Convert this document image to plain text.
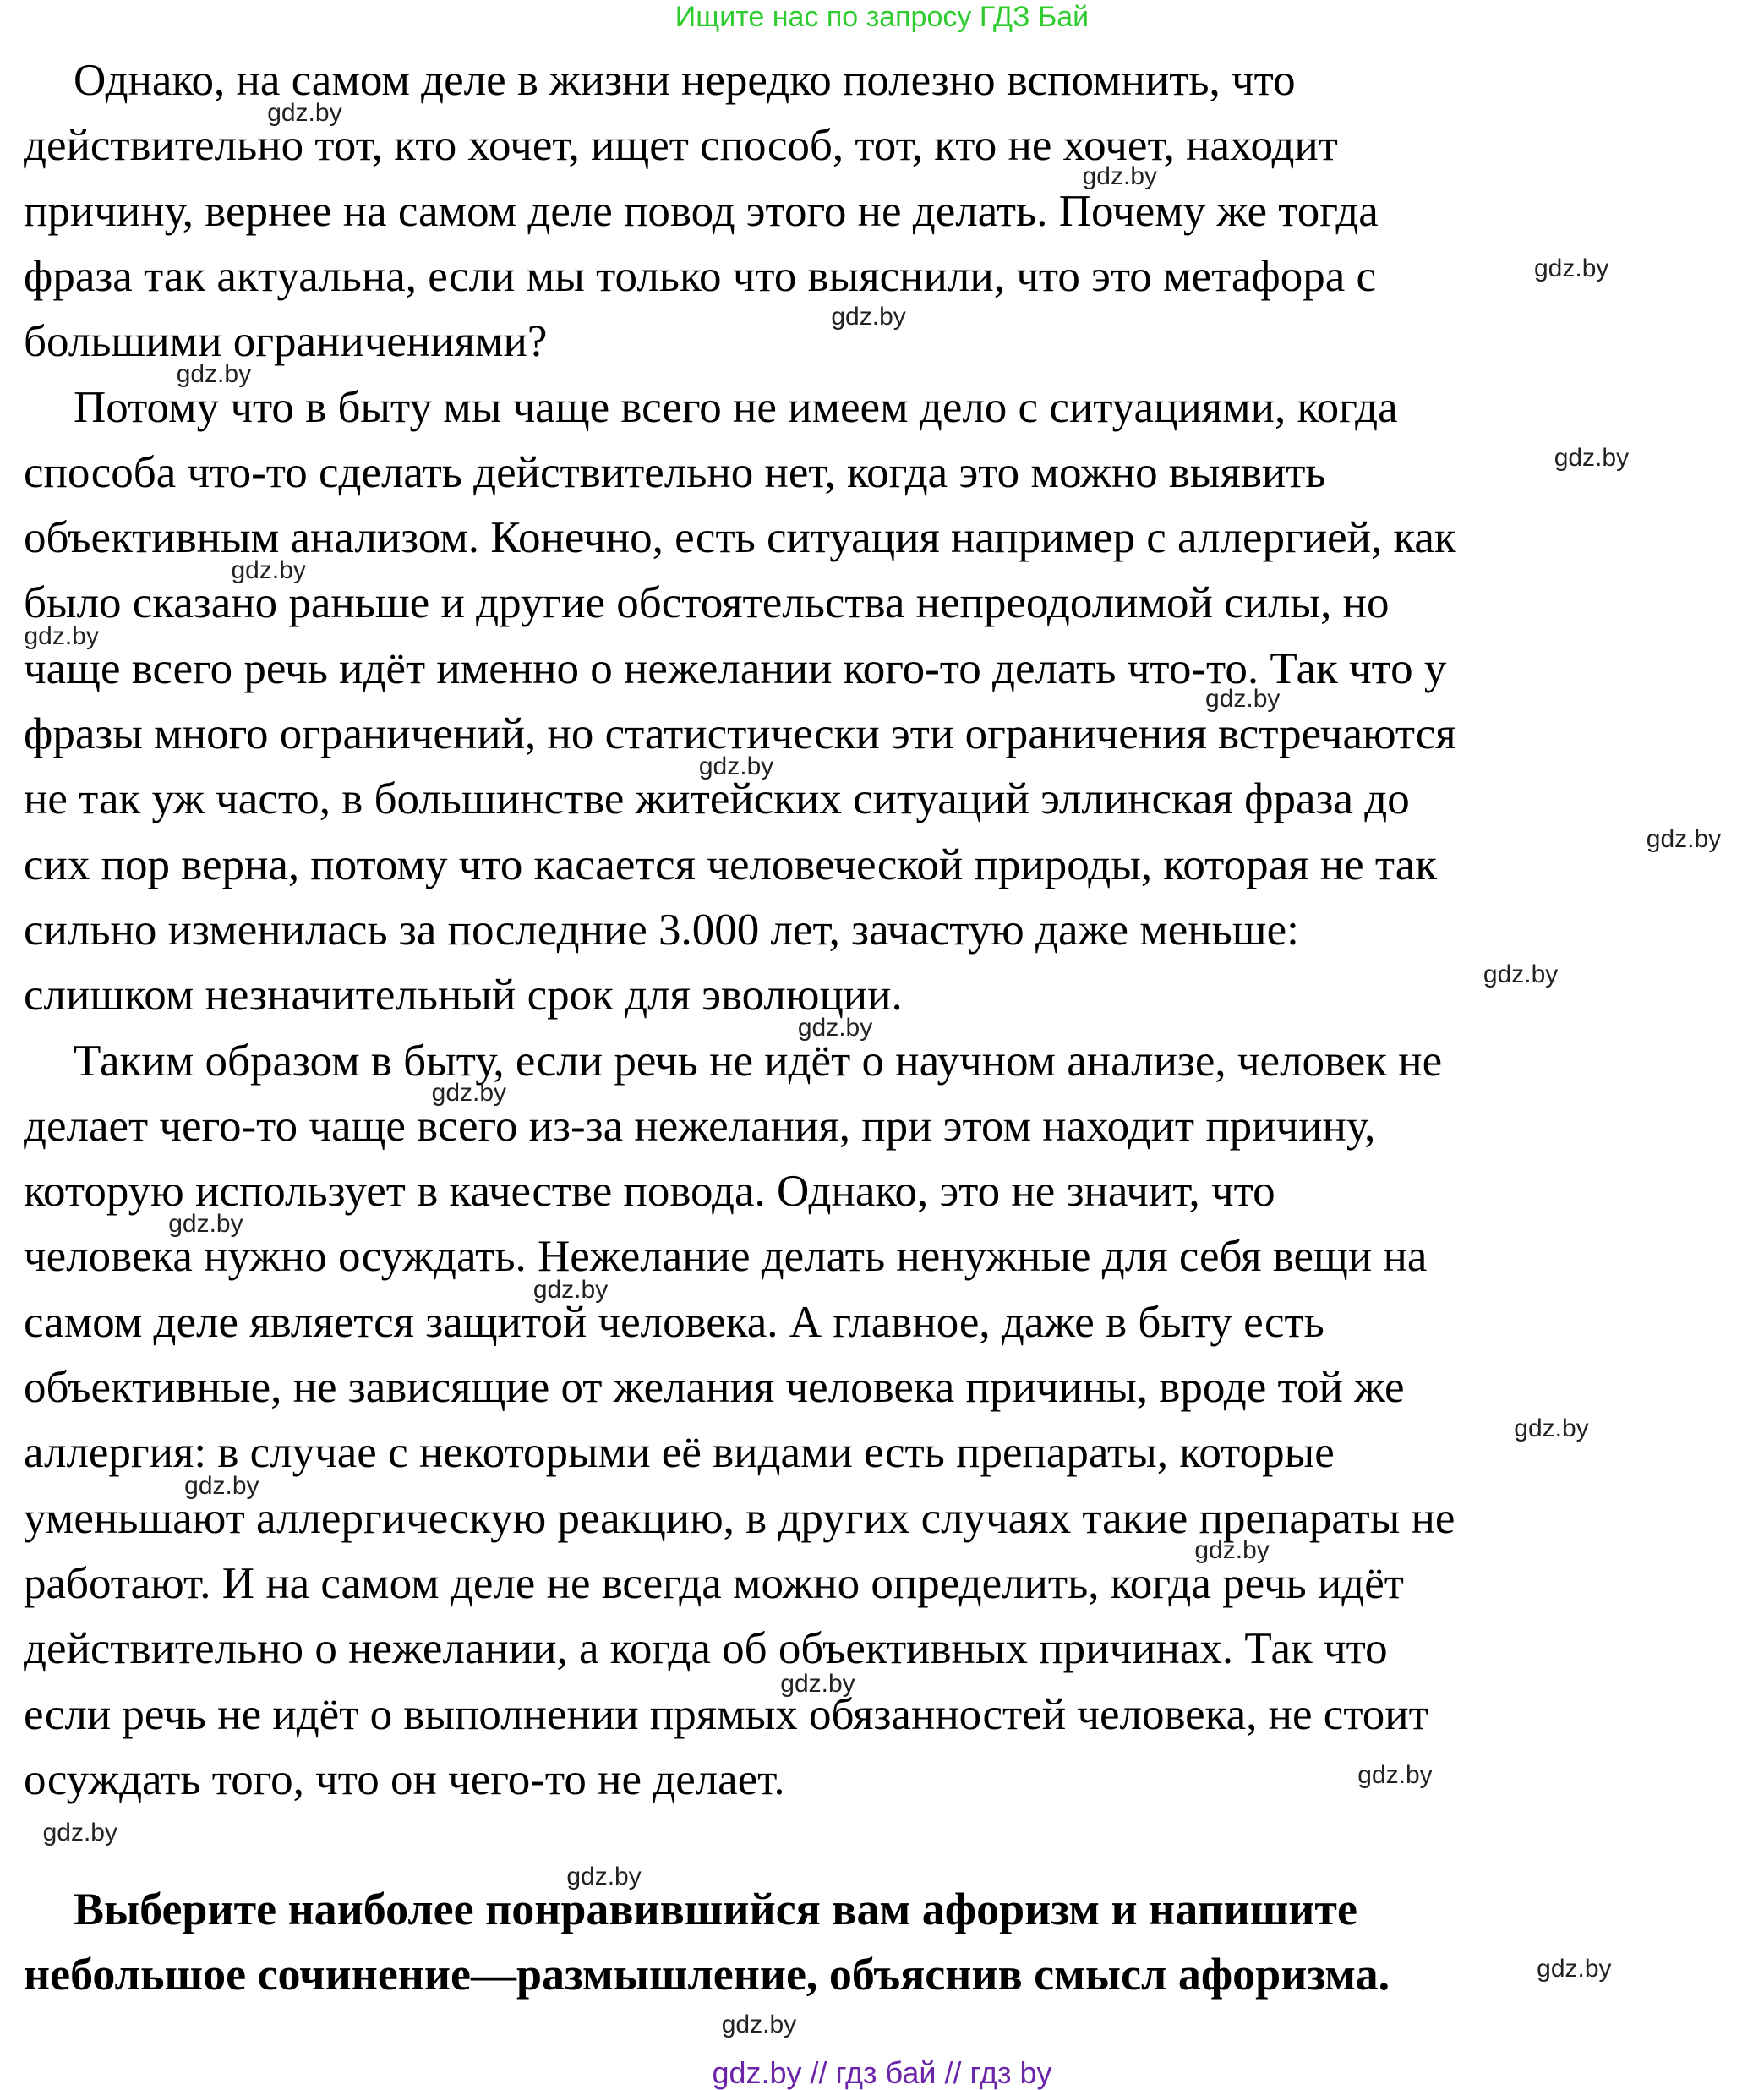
Ищите нас по запросу ГДЗ Бай
Однако, на самом деле в жизни нередко полезно вспомнить, что
действительно тот, кто хочет, ищет способ, тот, кто не хочет, находит
причину, вернее на самом деле повод этого не делать. Почему же тогда
фраза так актуальна, если мы только что выяснили, что это метафора с
большими ограничениями?
Потому что в быту мы чаще всего не имеем дело с ситуациями, когда
способа что-то сделать действительно нет, когда это можно выявить
объективным анализом. Конечно, есть ситуация например с аллергией, как
было сказано раньше и другие обстоятельства непреодолимой силы, но
чаще всего речь идёт именно о нежелании кого-то делать что-то. Так что у
фразы много ограничений, но статистически эти ограничения встречаются
не так уж часто, в большинстве житейских ситуаций эллинская фраза до
сих пор верна, потому что касается человеческой природы, которая не так
сильно изменилась за последние 3.000 лет, зачастую даже меньше:
слишком незначительный срок для эволюции.
Таким образом в быту, если речь не идёт о научном анализе, человек не
делает чего-то чаще всего из-за нежелания, при этом находит причину,
которую использует в качестве повода. Однако, это не значит, что
человека нужно осуждать. Нежелание делать ненужные для себя вещи на
самом деле является защитой человека. А главное, даже в быту есть
объективные, не зависящие от желания человека причины, вроде той же
аллергия: в случае с некоторыми её видами есть препараты, которые
уменьшают аллергическую реакцию, в других случаях такие препараты не
работают. И на самом деле не всегда можно определить, когда речь идёт
действительно о нежелании, а когда об объективных причинах. Так что
если речь не идёт о выполнении прямых обязанностей человека, не стоит
осуждать того, что он чего-то не делает.
Выберите наиболее понравившийся вам афоризм и напишите
небольшое сочинение—размышление, объяснив смысл афоризма.
gdz.by
gdz.by
gdz.by
gdz.by
gdz.by
gdz.by
gdz.by
gdz.by
gdz.by
gdz.by
gdz.by
gdz.by
gdz.by
gdz.by
gdz.by
gdz.by
gdz.by
gdz.by
gdz.by
gdz.by
gdz.by
gdz.by
gdz.by
gdz.by
gdz.by
gdz.by // гдз бай // гдз by
